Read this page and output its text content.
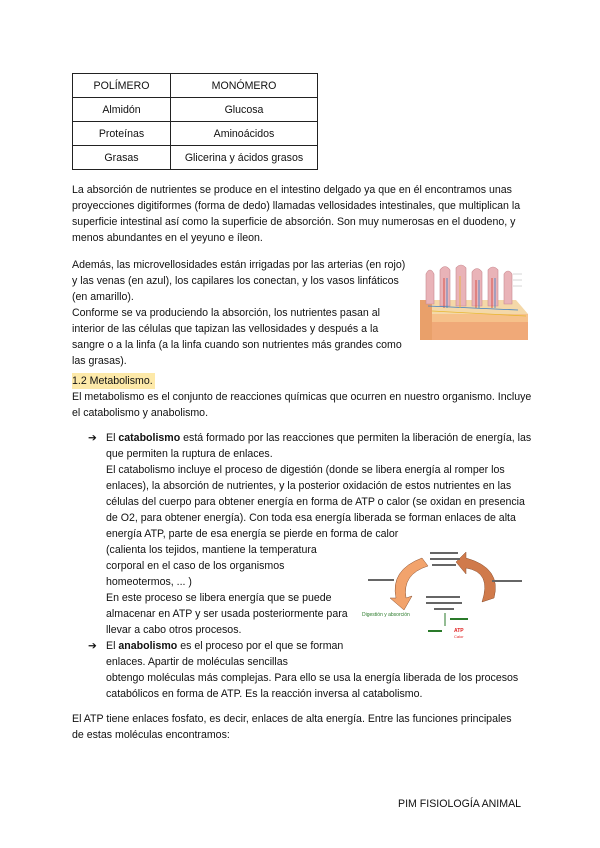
POLÍMERO	MONÓMERO
Almidón	Glucosa
Proteínas	Aminoácidos
Grasas	Glicerina y ácidos grasos

La absorción de nutrientes se produce en el intestino delgado ya que en él encontramos unas proyecciones digitiformes (forma de dedo) llamadas vellosidades intestinales, que multiplican la superficie intestinal así como la superficie de absorción. Son muy numerosas en el duodeno, y menos abundantes en el yeyuno e íleon.

Además, las microvellosidades están irrigadas por las arterias (en rojo) y las venas (en azul), los capilares los conectan, y los vasos linfáticos (en amarillo).

Conforme se va produciendo la absorción, los nutrientes pasan al interior de las células que tapizan las vellosidades y después a la sangre o a la linfa (a la linfa cuando son nutrientes más grandes como las grasas).

1.2 Metabolismo.

El metabolismo es el conjunto de reacciones químicas que ocurren en nuestro organismo. Incluye el catabolismo y anabolismo.

➔ El catabolismo está formado por las reacciones que permiten la liberación de energía, las que permiten la ruptura de enlaces.

El catabolismo incluye el proceso de digestión (donde se libera energía al romper los enlaces), la absorción de nutrientes, y la posterior oxidación de estos nutrientes en las células del cuerpo para obtener energía en forma de ATP o calor (se oxidan en presencia de O2, para obtener energía). Con toda esa energía liberada se forman enlaces de alta energía ATP, parte de esa energía se pierde en forma de calor

(calienta los tejidos, mantiene la temperatura corporal en el caso de los organismos homeotermos, ... )

En este proceso se libera energía que se puede almacenar en ATP y ser usada posteriormente para llevar a cabo otros procesos.

Digestión y absorción
ATP
Calor
➔ El anabolismo es el proceso por el que se forman enlaces. Apartir de moléculas sencillas

obtengo moléculas más complejas. Para ello se usa la energía liberada de los procesos catabólicos en forma de ATP. Es la reacción inversa al catabolismo.

El ATP tiene enlaces fosfato, es decir, enlaces de alta energía. Entre las funciones principales de estas moléculas encontramos:

PIM FISIOLOGÍA ANIMAL
